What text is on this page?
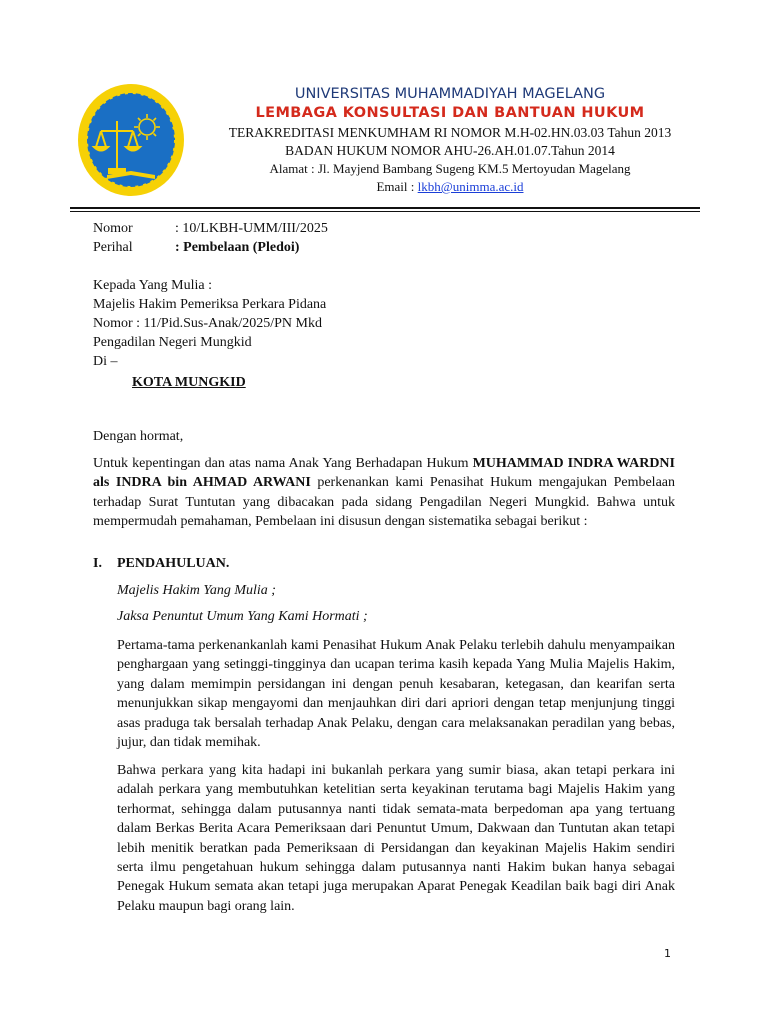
UNIVERSITAS MUHAMMADIYAH MAGELANG
LEMBAGA KONSULTASI DAN BANTUAN HUKUM
TERAKREDITASI MENKUMHAM RI NOMOR M.H-02.HN.03.03 Tahun 2013
BADAN HUKUM NOMOR AHU-26.AH.01.07.Tahun 2014
Alamat : Jl. Mayjend Bambang Sugeng KM.5 Mertoyudan Magelang
Email : lkbh@unimma.ac.id
Nomor	: 10/LKBH-UMM/III/2025
Perihal	: Pembelaan (Pledoi)
Kepada Yang Mulia :
Majelis Hakim Pemeriksa Perkara Pidana
Nomor : 11/Pid.Sus-Anak/2025/PN Mkd
Pengadilan Negeri Mungkid
Di –
KOTA MUNGKID
Dengan hormat,
Untuk kepentingan dan atas nama Anak Yang Berhadapan Hukum MUHAMMAD INDRA WARDNI als INDRA bin AHMAD ARWANI perkenankan kami Penasihat Hukum mengajukan Pembelaan terhadap Surat Tuntutan yang dibacakan pada sidang Pengadilan Negeri Mungkid. Bahwa untuk mempermudah pemahaman, Pembelaan ini disusun dengan sistematika sebagai berikut :
I. PENDAHULUAN.
Majelis Hakim Yang Mulia ;
Jaksa Penuntut Umum Yang Kami Hormati ;
Pertama-tama perkenankanlah kami Penasihat Hukum Anak Pelaku terlebih dahulu menyampaikan penghargaan yang setinggi-tingginya dan ucapan terima kasih kepada Yang Mulia Majelis Hakim, yang dalam memimpin persidangan ini dengan penuh kesabaran, ketegasan, dan kearifan serta menunjukkan sikap mengayomi dan menjauhkan diri dari apriori dengan tetap menjunjung tinggi asas praduga tak bersalah terhadap Anak Pelaku, dengan cara melaksanakan peradilan yang bebas, jujur, dan tidak memihak.
Bahwa perkara yang kita hadapi ini bukanlah perkara yang sumir biasa, akan tetapi perkara ini adalah perkara yang membutuhkan ketelitian serta keyakinan terutama bagi Majelis Hakim yang terhormat, sehingga dalam putusannya nanti tidak semata-mata berpedoman apa yang tertuang dalam Berkas Berita Acara Pemeriksaan dari Penuntut Umum, Dakwaan dan Tuntutan akan tetapi lebih menitik beratkan pada Pemeriksaan di Persidangan dan keyakinan Majelis Hakim sendiri serta ilmu pengetahuan hukum sehingga dalam putusannya nanti Hakim bukan hanya sebagai Penegak Hukum semata akan tetapi juga merupakan Aparat Penegak Keadilan baik bagi diri Anak Pelaku maupun bagi orang lain.
1
